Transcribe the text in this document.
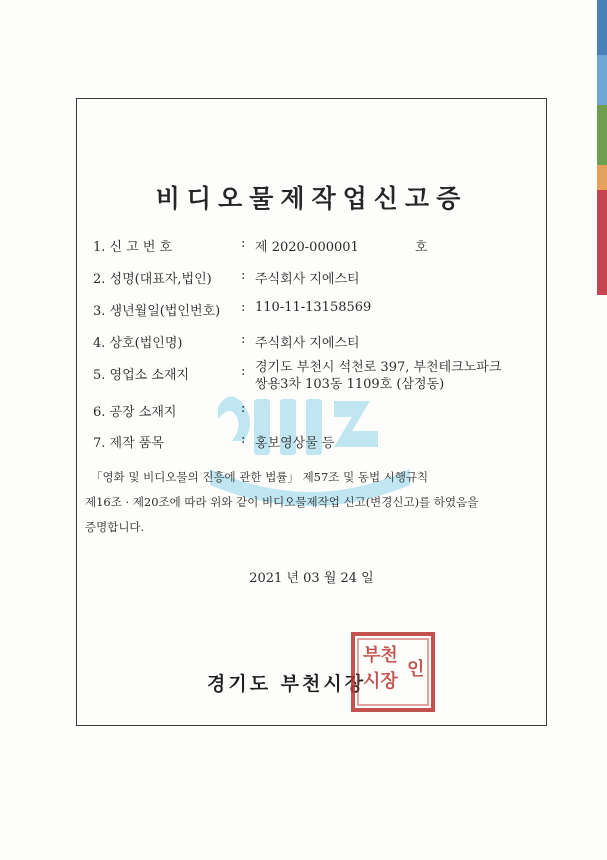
비디오물제작업신고증
1. 신 고 번 호	: 제 2020-000001	호
2. 성명(대표자,법인) : 주식회사 지에스티
3. 생년월일(법인번호) : 110-11-13158569
4. 상호(법인명)	: 주식회사 지에스티
5. 영업소 소재지	: 경기도 부천시 석천로 397, 부천테크노파크
쌍용3차 103동 1109호 (삼정동)
6. 공장 소재지	:
7. 제작 품목	: 홍보영상물 등
「영화 및 비디오물의 진흥에 관한 법률」 제57조 및 동법 시행규칙
제16조 · 제20조에 따라 위와 같이 비디오물제작업 신고(변경신고)를 하였음을
증명합니다.
2021 년 03 월 24 일
경기도 부천시장
부천
시장
인
